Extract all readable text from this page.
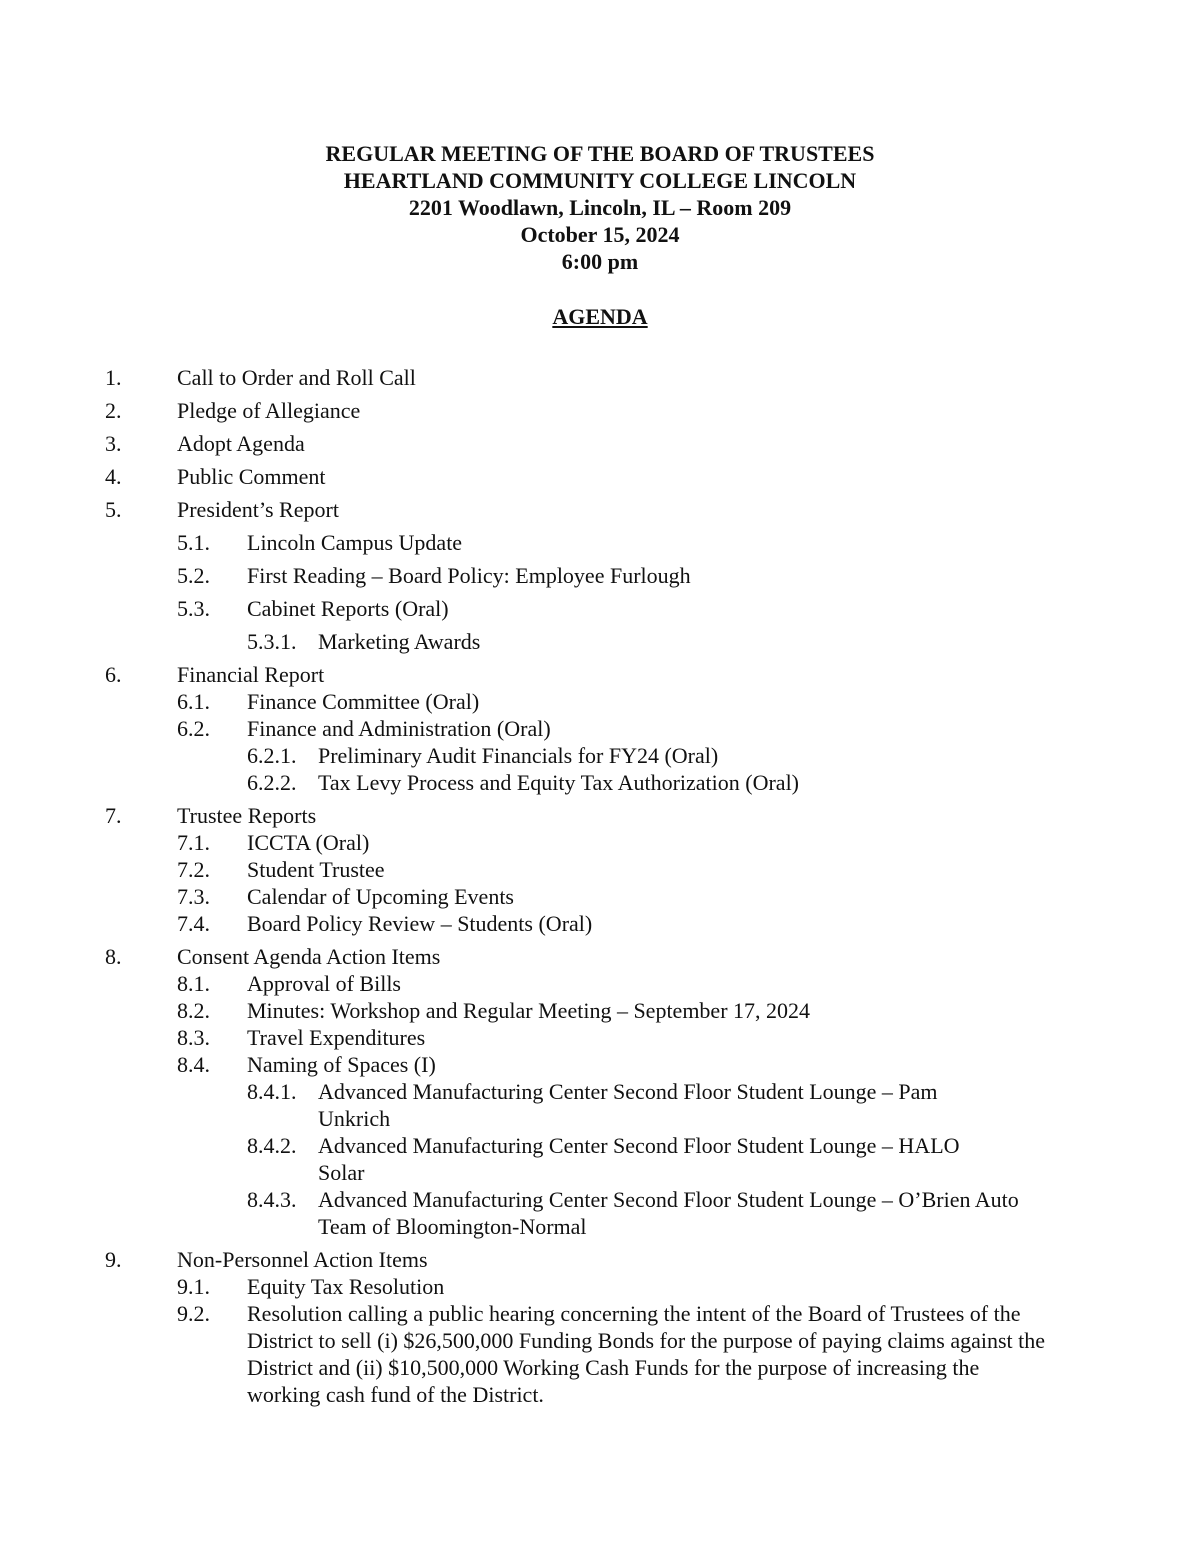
REGULAR MEETING OF THE BOARD OF TRUSTEES
HEARTLAND COMMUNITY COLLEGE LINCOLN
2201 Woodlawn, Lincoln, IL – Room 209
October 15, 2024
6:00 pm
AGENDA
1.	Call to Order and Roll Call
2.	Pledge of Allegiance
3.	Adopt Agenda
4.	Public Comment
5.	President’s Report
5.1. Lincoln Campus Update
5.2. First Reading – Board Policy: Employee Furlough
5.3. Cabinet Reports (Oral)
5.3.1. Marketing Awards
6.	Financial Report
6.1. Finance Committee (Oral)
6.2. Finance and Administration (Oral)
6.2.1. Preliminary Audit Financials for FY24 (Oral)
6.2.2. Tax Levy Process and Equity Tax Authorization (Oral)
7.	Trustee Reports
7.1. ICCTA (Oral)
7.2. Student Trustee
7.3. Calendar of Upcoming Events
7.4. Board Policy Review – Students (Oral)
8.	Consent Agenda Action Items
8.1. Approval of Bills
8.2. Minutes: Workshop and Regular Meeting – September 17, 2024
8.3. Travel Expenditures
8.4. Naming of Spaces (I)
8.4.1. Advanced Manufacturing Center Second Floor Student Lounge – Pam Unkrich
8.4.2. Advanced Manufacturing Center Second Floor Student Lounge – HALO Solar
8.4.3. Advanced Manufacturing Center Second Floor Student Lounge – O’Brien Auto Team of Bloomington-Normal
9.	Non-Personnel Action Items
9.1. Equity Tax Resolution
9.2. Resolution calling a public hearing concerning the intent of the Board of Trustees of the District to sell (i) $26,500,000 Funding Bonds for the purpose of paying claims against the District and (ii) $10,500,000 Working Cash Funds for the purpose of increasing the working cash fund of the District.
